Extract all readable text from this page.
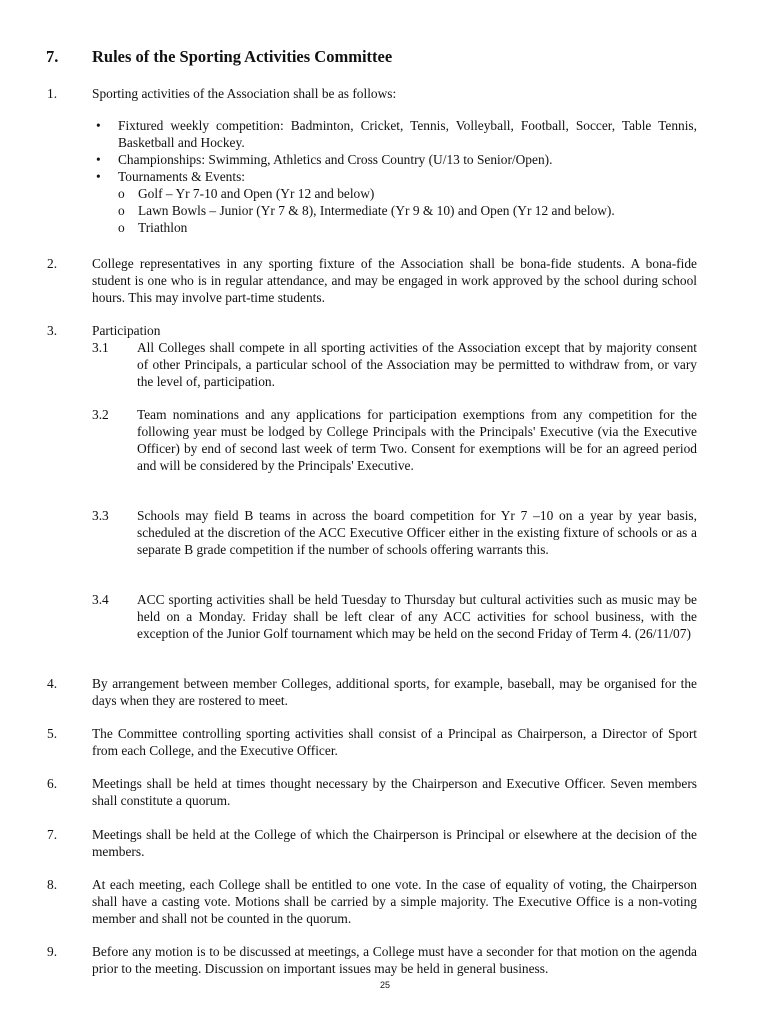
7.	Rules of the Sporting Activities Committee
1.	Sporting activities of the Association shall be as follows:
• Fixtured weekly competition: Badminton, Cricket, Tennis, Volleyball, Football, Soccer, Table Tennis, Basketball and Hockey.
• Championships: Swimming, Athletics and Cross Country (U/13 to Senior/Open).
• Tournaments & Events:
o Golf – Yr 7-10 and Open (Yr 12 and below)
o Lawn Bowls – Junior (Yr 7 & 8), Intermediate (Yr 9 & 10) and Open (Yr 12 and below).
o Triathlon
2.	College representatives in any sporting fixture of the Association shall be bona-fide students. A bona-fide student is one who is in regular attendance, and may be engaged in work approved by the school during school hours. This may involve part-time students.
3.	Participation
3.1 All Colleges shall compete in all sporting activities of the Association except that by majority consent of other Principals, a particular school of the Association may be permitted to withdraw from, or vary the level of, participation.
3.2 Team nominations and any applications for participation exemptions from any competition for the following year must be lodged by College Principals with the Principals' Executive (via the Executive Officer) by end of second last week of term Two. Consent for exemptions will be for an agreed period and will be considered by the Principals' Executive.
3.3 Schools may field B teams in across the board competition for Yr 7 –10 on a year by year basis, scheduled at the discretion of the ACC Executive Officer either in the existing fixture of schools or as a separate B grade competition if the number of schools offering warrants this.
3.4 ACC sporting activities shall be held Tuesday to Thursday but cultural activities such as music may be held on a Monday. Friday shall be left clear of any ACC activities for school business, with the exception of the Junior Golf tournament which may be held on the second Friday of Term 4. (26/11/07)
4.	By arrangement between member Colleges, additional sports, for example, baseball, may be organised for the days when they are rostered to meet.
5.	The Committee controlling sporting activities shall consist of a Principal as Chairperson, a Director of Sport from each College, and the Executive Officer.
6.	Meetings shall be held at times thought necessary by the Chairperson and Executive Officer. Seven members shall constitute a quorum.
7.	Meetings shall be held at the College of which the Chairperson is Principal or elsewhere at the decision of the members.
8.	At each meeting, each College shall be entitled to one vote. In the case of equality of voting, the Chairperson shall have a casting vote. Motions shall be carried by a simple majority. The Executive Office is a non-voting member and shall not be counted in the quorum.
9.	Before any motion is to be discussed at meetings, a College must have a seconder for that motion on the agenda prior to the meeting. Discussion on important issues may be held in general business.
25
